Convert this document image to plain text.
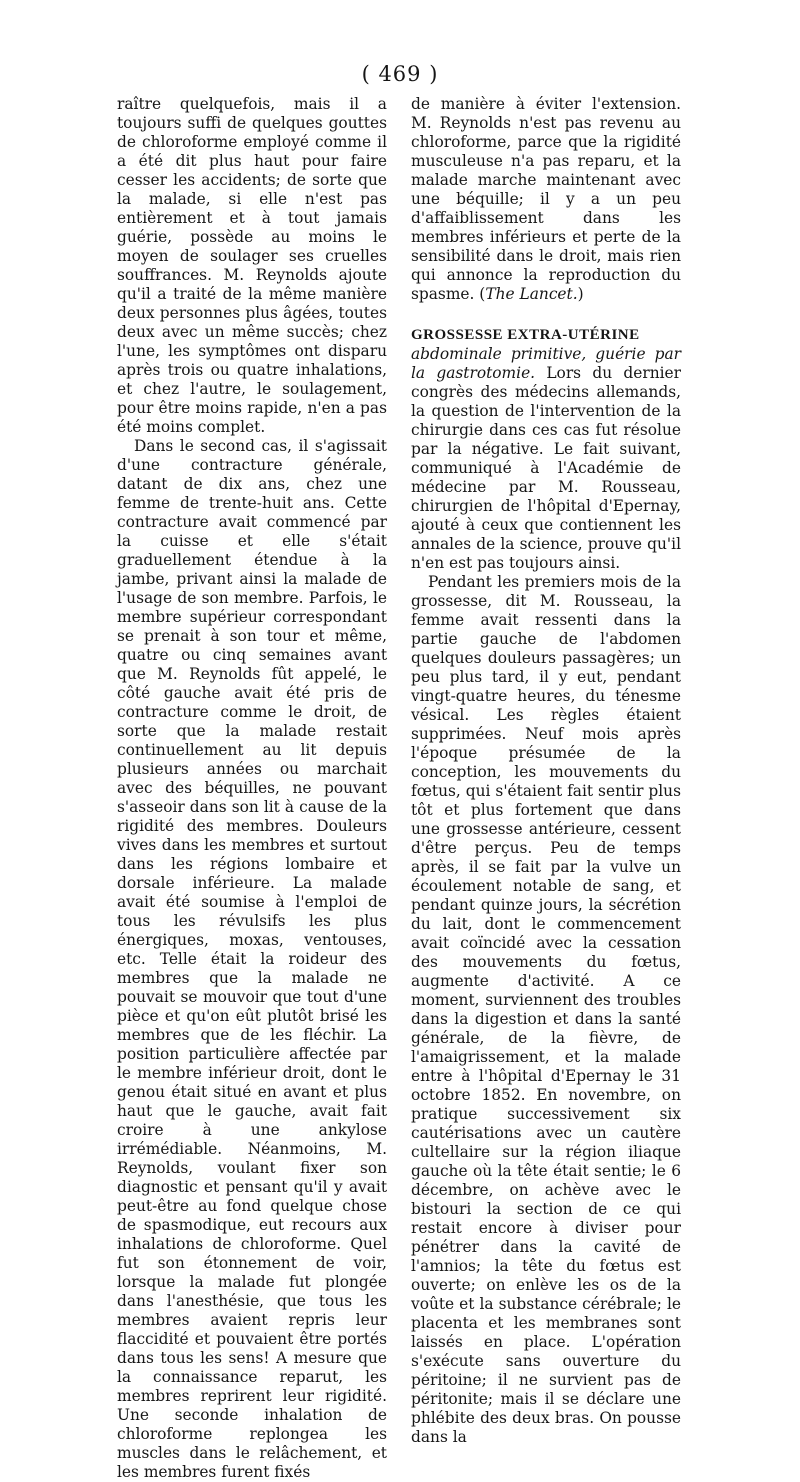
( 469 )

raître quelquefois, mais il a toujours suffi de quelques gouttes de chloroforme employé comme il a été dit plus haut pour faire cesser les accidents; de sorte que la malade, si elle n'est pas entièrement et à tout jamais guérie, possède au moins le moyen de soulager ses cruelles souffrances. M. Reynolds ajoute qu'il a traité de la même manière deux personnes plus âgées, toutes deux avec un même succès; chez l'une, les symptômes ont disparu après trois ou quatre inhalations, et chez l'autre, le soulagement, pour être moins rapide, n'en a pas été moins complet.

Dans le second cas, il s'agissait d'une contracture générale, datant de dix ans, chez une femme de trente-huit ans. Cette contracture avait commencé par la cuisse et elle s'était graduellement étendue à la jambe, privant ainsi la malade de l'usage de son membre. Parfois, le membre supérieur correspondant se prenait à son tour et même, quatre ou cinq semaines avant que M. Reynolds fût appelé, le côté gauche avait été pris de contracture comme le droit, de sorte que la malade restait continuellement au lit depuis plusieurs années ou marchait avec des béquilles, ne pouvant s'asseoir dans son lit à cause de la rigidité des membres. Douleurs vives dans les membres et surtout dans les régions lombaire et dorsale inférieure. La malade avait été soumise à l'emploi de tous les révulsifs les plus énergiques, moxas, ventouses, etc. Telle était la roideur des membres que la malade ne pouvait se mouvoir que tout d'une pièce et qu'on eût plutôt brisé les membres que de les fléchir. La position particulière affectée par le membre inférieur droit, dont le genou était situé en avant et plus haut que le gauche, avait fait croire à une ankylose irrémédiable. Néanmoins, M. Reynolds, voulant fixer son diagnostic et pensant qu'il y avait peut-être au fond quelque chose de spasmodique, eut recours aux inhalations de chloroforme. Quel fut son étonnement de voir, lorsque la malade fut plongée dans l'anesthésie, que tous les membres avaient repris leur flaccidité et pouvaient être portés dans tous les sens! A mesure que la connaissance reparut, les membres reprirent leur rigidité. Une seconde inhalation de chloroforme replongea les muscles dans le relâchement, et les membres furent fixés

de manière à éviter l'extension. M. Reynolds n'est pas revenu au chloroforme, parce que la rigidité musculeuse n'a pas reparu, et la malade marche maintenant avec une béquille; il y a un peu d'affaiblissement dans les membres inférieurs et perte de la sensibilité dans le droit, mais rien qui annonce la reproduction du spasme. (The Lancet.)

GROSSESSE EXTRA-UTÉRINE
abdominale primitive, guérie par la gastrotomie. Lors du dernier congrès des médecins allemands, la question de l'intervention de la chirurgie dans ces cas fut résolue par la négative. Le fait suivant, communiqué à l'Académie de médecine par M. Rousseau, chirurgien de l'hôpital d'Epernay, ajouté à ceux que contiennent les annales de la science, prouve qu'il n'en est pas toujours ainsi.

Pendant les premiers mois de la grossesse, dit M. Rousseau, la femme avait ressenti dans la partie gauche de l'abdomen quelques douleurs passagères; un peu plus tard, il y eut, pendant vingt-quatre heures, du ténesme vésical. Les règles étaient supprimées. Neuf mois après l'époque présumée de la conception, les mouvements du fœtus, qui s'étaient fait sentir plus tôt et plus fortement que dans une grossesse antérieure, cessent d'être perçus. Peu de temps après, il se fait par la vulve un écoulement notable de sang, et pendant quinze jours, la sécrétion du lait, dont le commencement avait coïncidé avec la cessation des mouvements du fœtus, augmente d'activité. A ce moment, surviennent des troubles dans la digestion et dans la santé générale, de la fièvre, de l'amaigrissement, et la malade entre à l'hôpital d'Epernay le 31 octobre 1852. En novembre, on pratique successivement six cautérisations avec un cautère cultellaire sur la région iliaque gauche où la tête était sentie; le 6 décembre, on achève avec le bistouri la section de ce qui restait encore à diviser pour pénétrer dans la cavité de l'amnios; la tête du fœtus est ouverte; on enlève les os de la voûte et la substance cérébrale; le placenta et les membranes sont laissés en place. L'opération s'exécute sans ouverture du péritoine; il ne survient pas de péritonite; mais il se déclare une phlébite des deux bras. On pousse dans la
